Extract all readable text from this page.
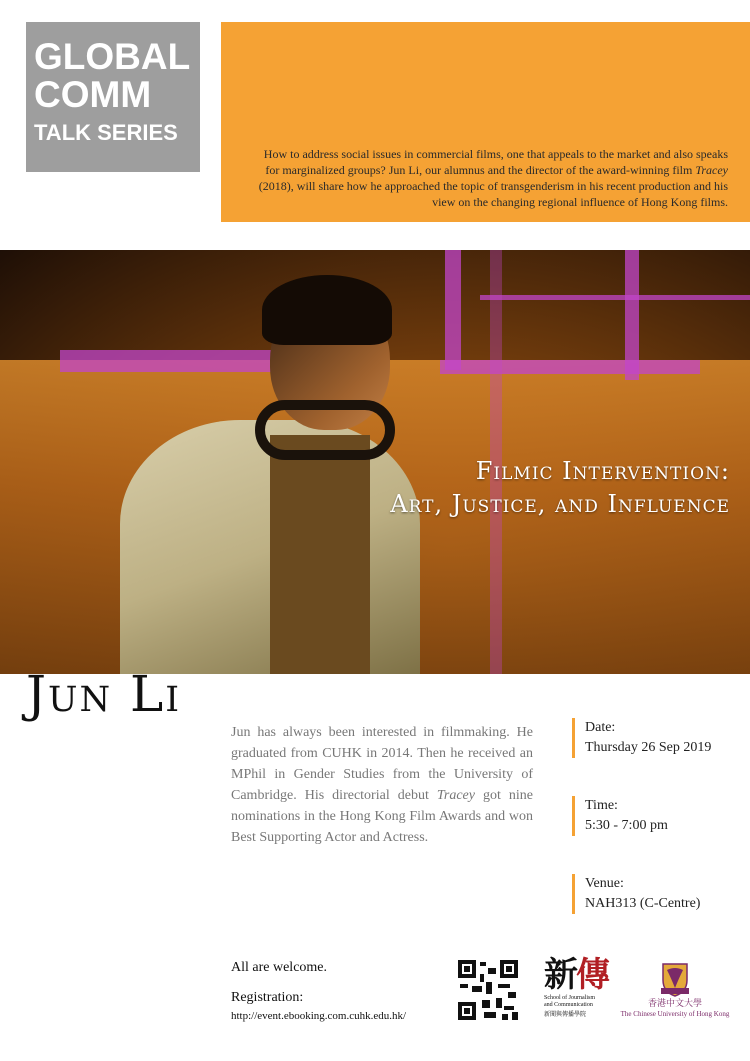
GLOBAL
COMM
TALK SERIES

How to address social issues in commercial films, one that appeals to the market and also speaks for marginalized groups? Jun Li, our alumnus and the director of the award-winning film Tracey (2018), will share how he approached the topic of transgenderism in his recent production and his view on the changing regional influence of Hong Kong films.

Filmic Intervention:
Art, Justice, and Influence
Jun Li

Jun has always been interested in filmmaking. He graduated from CUHK in 2014. Then he received an MPhil in Gender Studies from the University of Cambridge. His directorial debut Tracey got nine nominations in the Hong Kong Film Awards and won Best Supporting Actor and Actress.

Date:
Thursday 26 Sep 2019
Time:
5:30 - 7:00 pm
Venue:
NAH313 (C-Centre)
All are welcome.
Registration:
http://event.ebooking.com.cuhk.edu.hk/
新傳
School of Journalism
and Communication
新聞與傳播學院
香港中文大學
The Chinese University of Hong Kong
